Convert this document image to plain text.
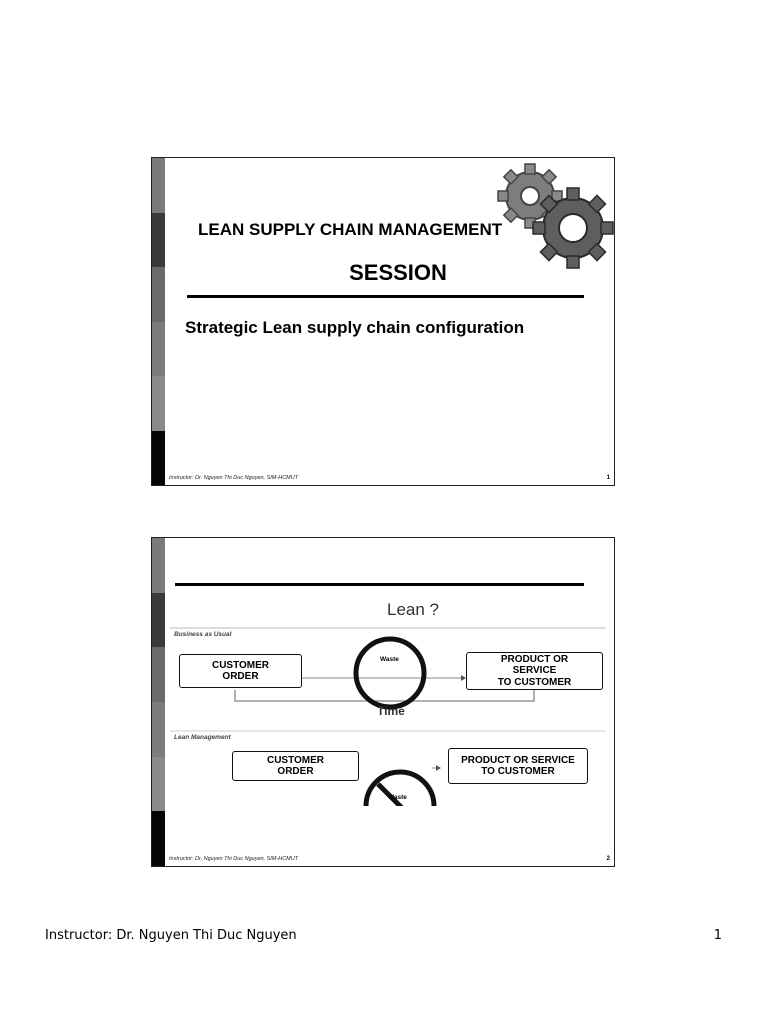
LEAN SUPPLY CHAIN MANAGEMENT
SESSION
Strategic Lean supply chain configuration
Instructor: Dr. Nguyen Thi Duc Nguyen, SIM-HCMUT	1
Lean ?
Business as Usual
Lean Management
CUSTOMER
ORDER
PRODUCT OR
SERVICE
TO CUSTOMER
Waste
Time
CUSTOMER
ORDER
PRODUCT OR SERVICE
TO CUSTOMER
Waste
Instructor: Dr. Nguyen Thi Duc Nguyen, SIM-HCMUT	2
Instructor: Dr. Nguyen Thi Duc Nguyen	1
